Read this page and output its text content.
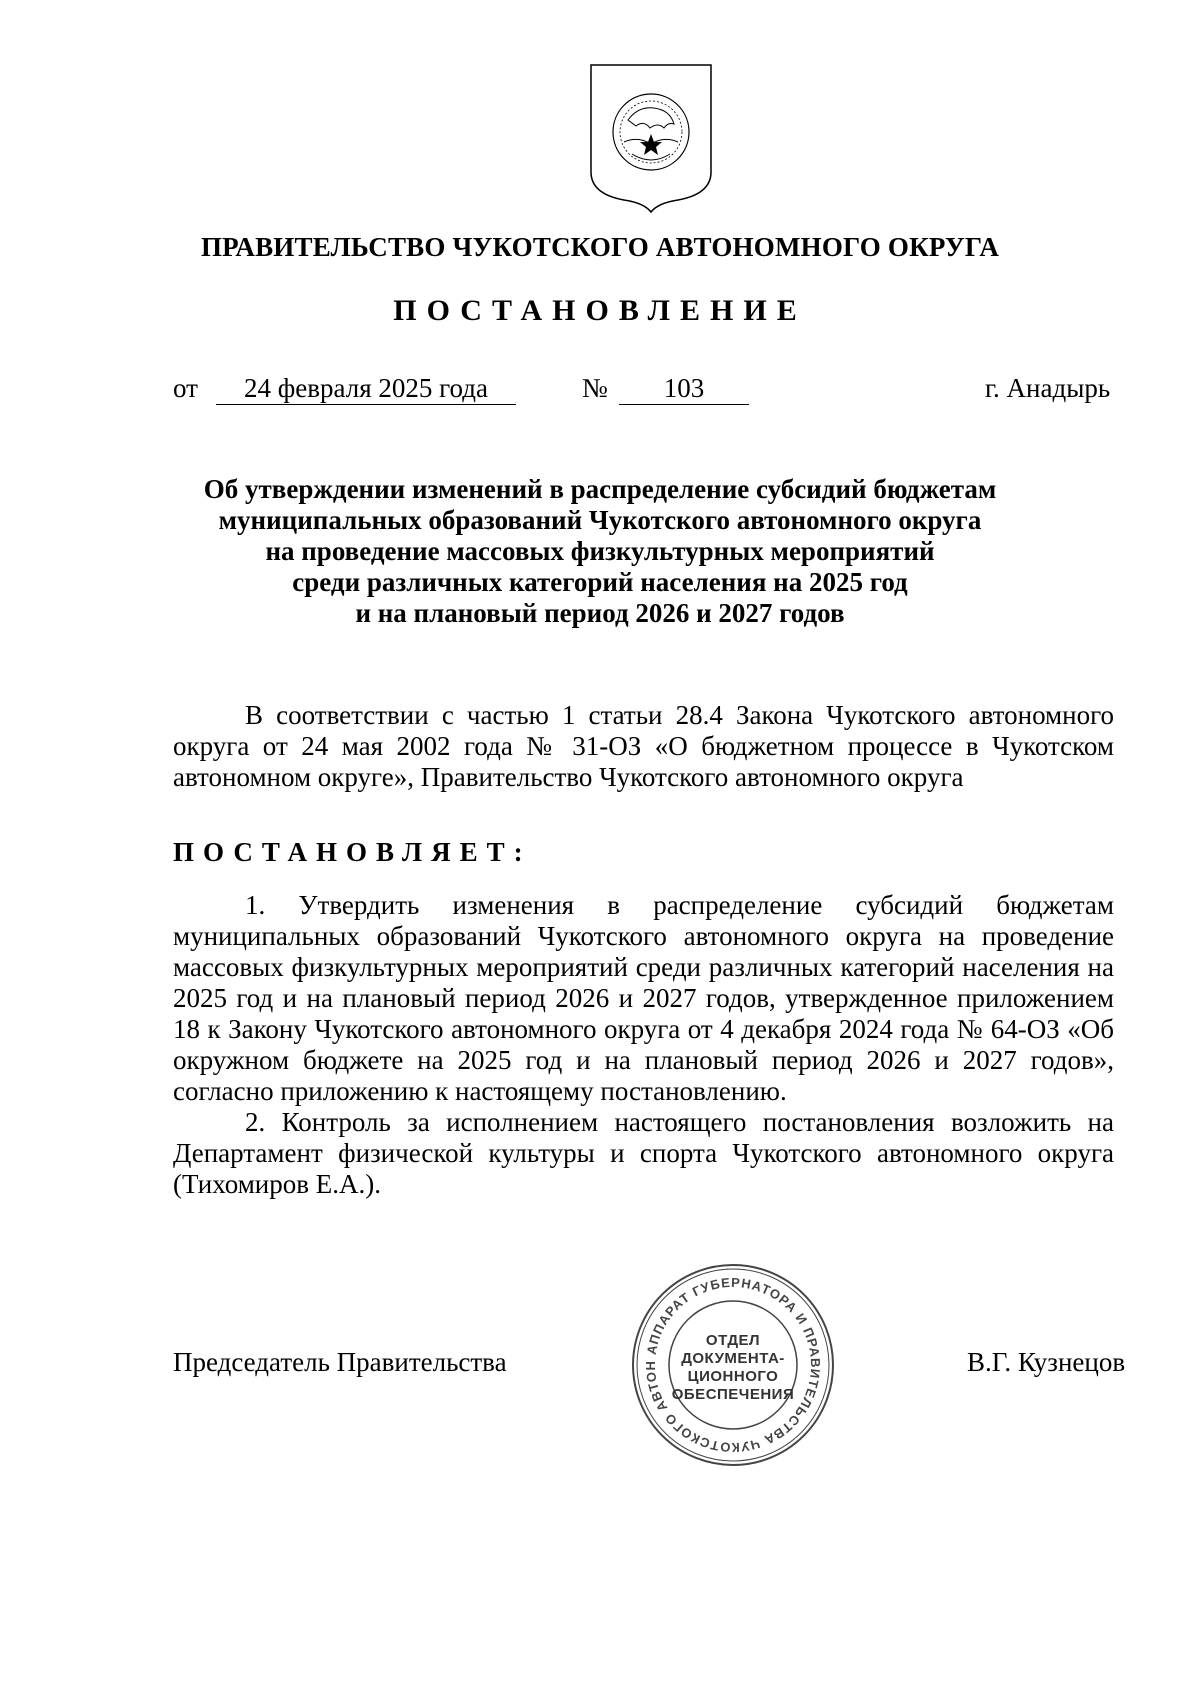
ПРАВИТЕЛЬСТВО ЧУКОТСКОГО АВТОНОМНОГО ОКРУГА
ПОСТАНОВЛЕНИЕ
от	24 февраля 2025 года	№	103	г. Анадырь
Об утверждении изменений в распределение субсидий бюджетам
муниципальных образований Чукотского автономного округа
на проведение массовых физкультурных мероприятий
среди различных категорий населения на 2025 год
и на плановый период 2026 и 2027 годов

В соответствии с частью 1 статьи 28.4 Закона Чукотского автономного округа от 24 мая 2002 года № 31-ОЗ «О бюджетном процессе в Чукотском автономном округе», Правительство Чукотского автономного округа

ПОСТАНОВЛЯЕТ:

1. Утвердить изменения в распределение субсидий бюджетам муниципальных образований Чукотского автономного округа на проведение массовых физкультурных мероприятий среди различных категорий населения на 2025 год и на плановый период 2026 и 2027 годов, утвержденное приложением 18 к Закону Чукотского автономного округа от 4 декабря 2024 года № 64-ОЗ «Об окружном бюджете на 2025 год и на плановый период 2026 и 2027 годов», согласно приложению к настоящему постановлению.

2. Контроль за исполнением настоящего постановления возложить на Департамент физической культуры и спорта Чукотского автономного округа (Тихомиров Е.А.).

Председатель Правительства	В.Г. Кузнецов
АППАРАТ ГУБЕРНАТОРА И ПРАВИТЕЛЬСТВА ЧУКОТСКОГО АВТОН
ОТДЕЛ
ДОКУМЕНТА-
ЦИОННОГО
ОБЕСПЕЧЕНИЯ
